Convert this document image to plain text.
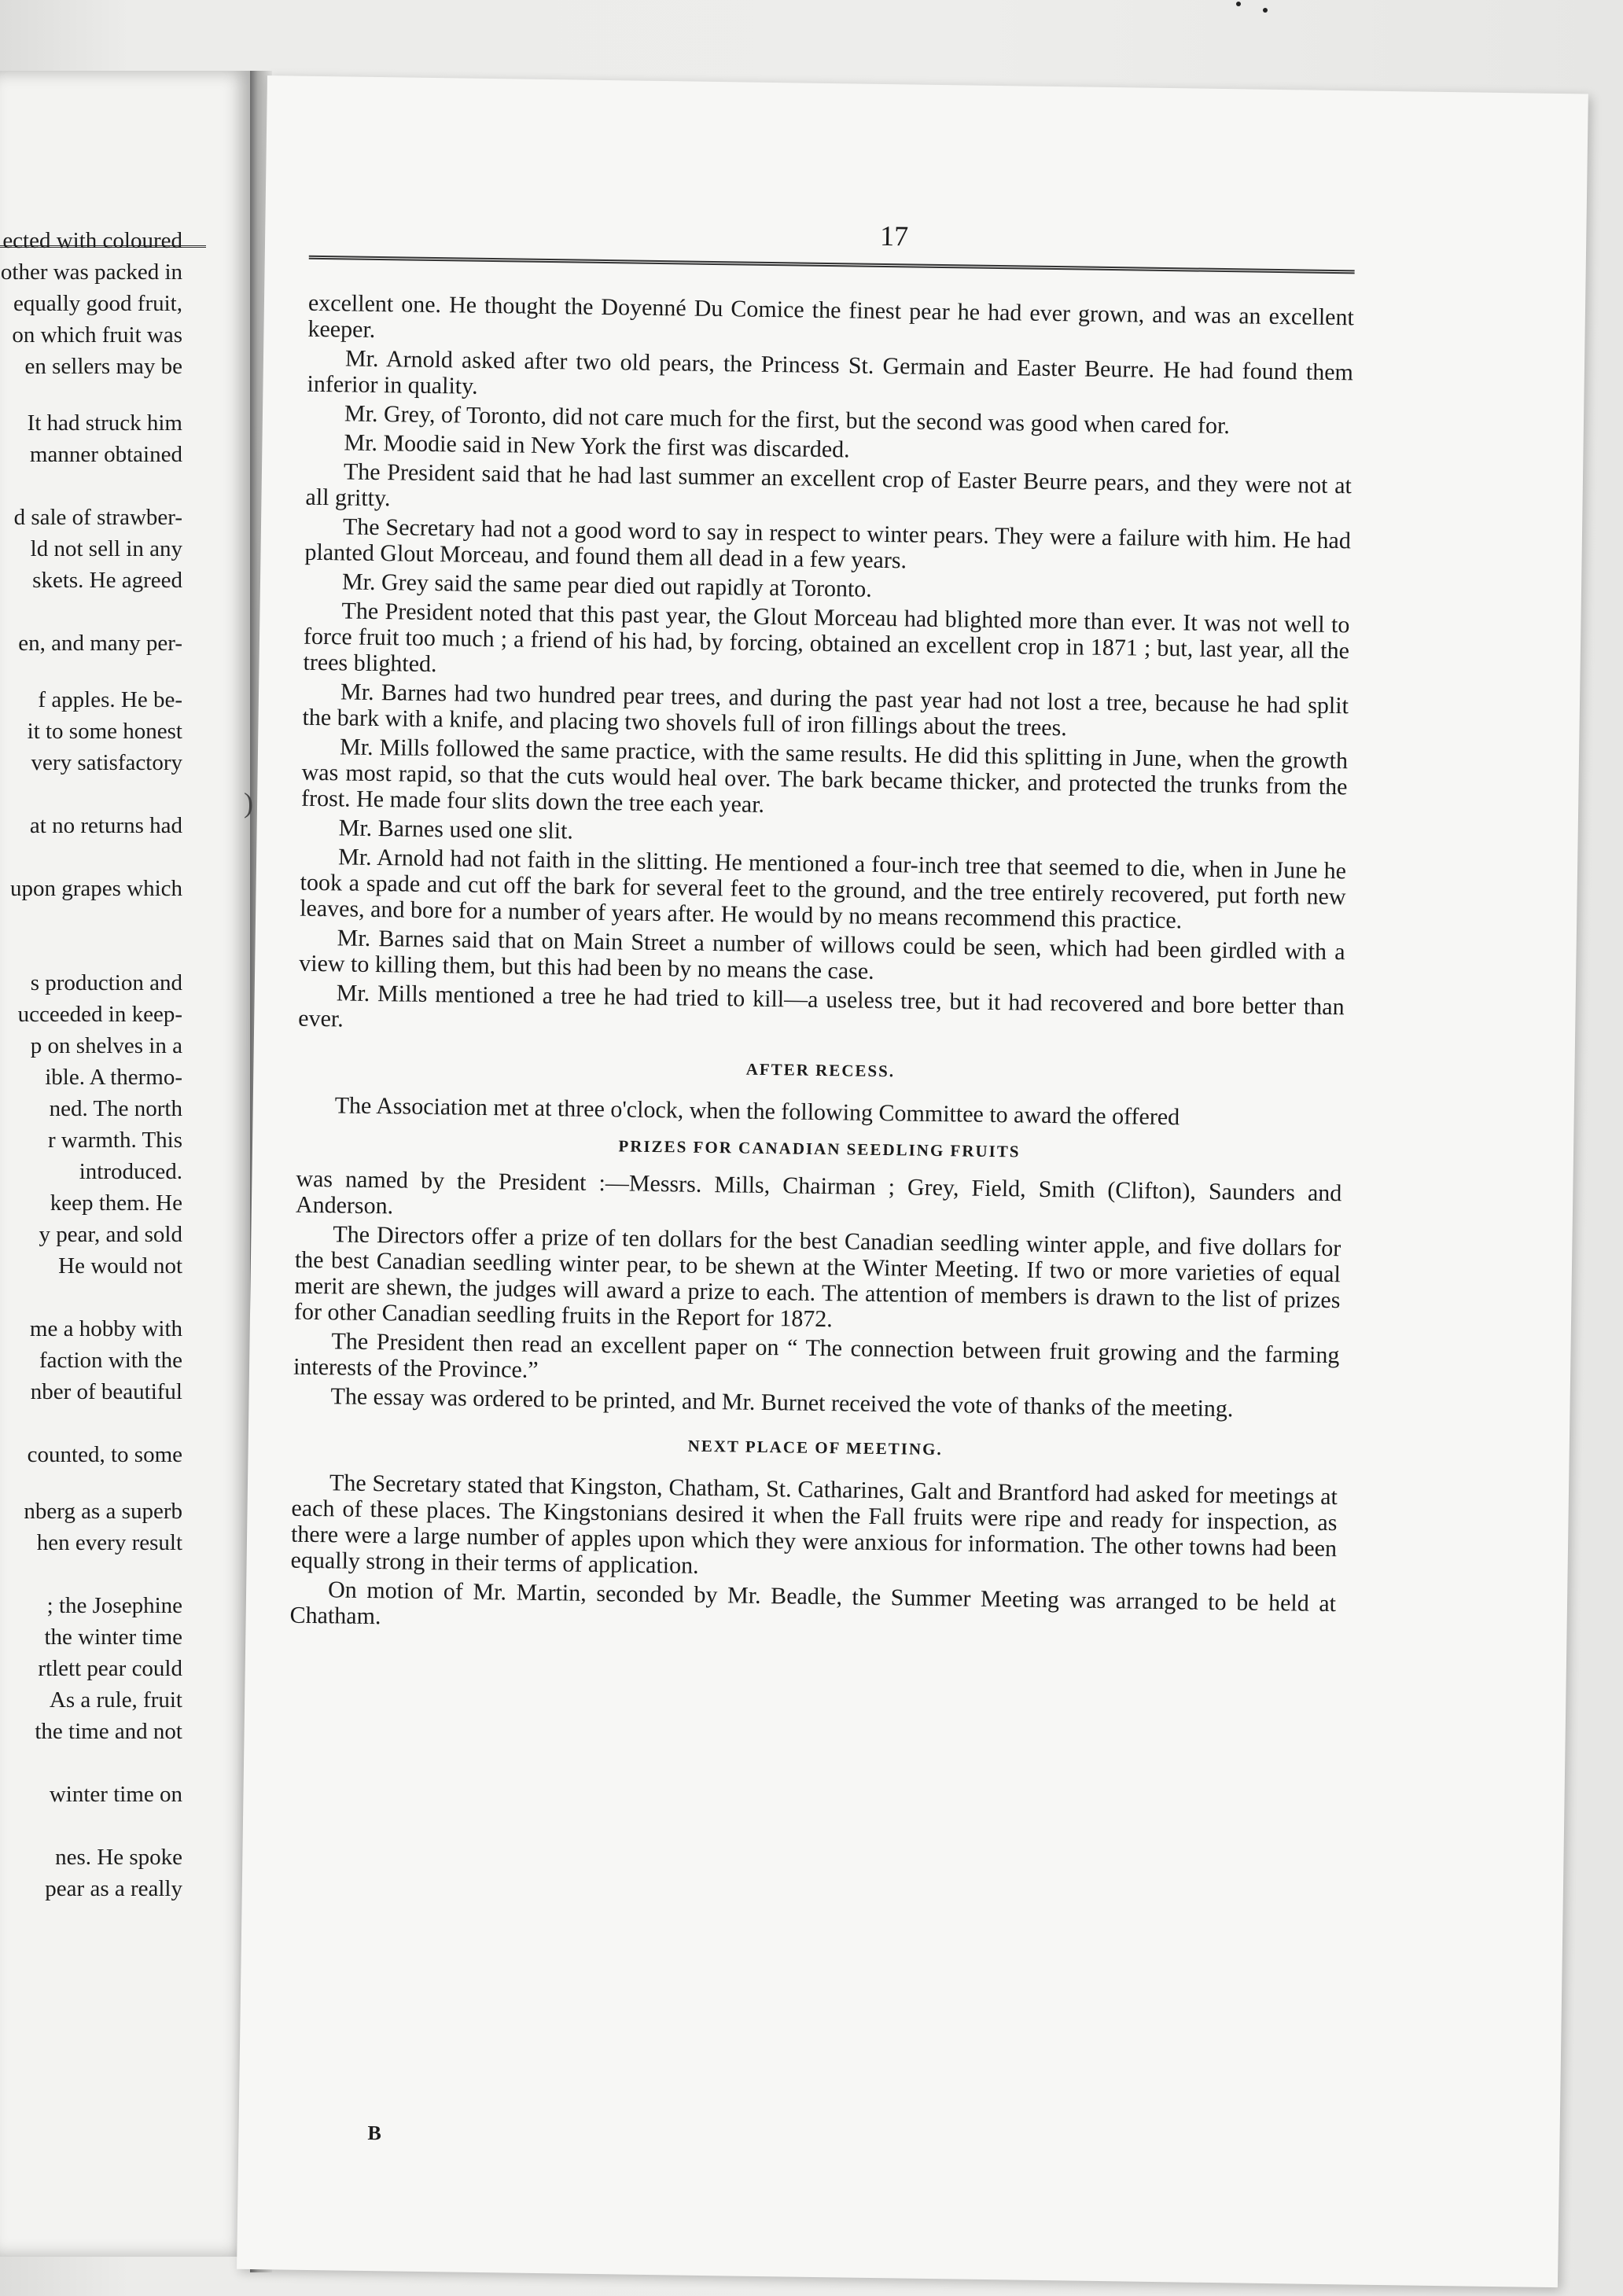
ected with coloured
other was packed in
equally good fruit,
on which fruit was
en sellers may be
It had struck him
manner obtained
d sale of strawber-
ld not sell in any
skets. He agreed
en, and many per-
f apples. He be-
it to some honest
very satisfactory
at no returns had
upon grapes which
s production and
ucceeded in keep-
p on shelves in a
ible. A thermo-
ned. The north
r warmth. This
introduced.
keep them. He
y pear, and sold
He would not
me a hobby with
faction with the
nber of beautiful
counted, to some
nberg as a superb
hen every result
; the Josephine
the winter time
rtlett pear could
As a rule, fruit
the time and not
winter time on
nes. He spoke
pear as a really
)
17

excellent one. He thought the Doyenné Du Comice the finest pear he had ever grown, and was an excellent keeper.

Mr. Arnold asked after two old pears, the Princess St. Germain and Easter Beurre. He had found them inferior in quality.

Mr. Grey, of Toronto, did not care much for the first, but the second was good when cared for.

Mr. Moodie said in New York the first was discarded.

The President said that he had last summer an excellent crop of Easter Beurre pears, and they were not at all gritty.

The Secretary had not a good word to say in respect to winter pears. They were a failure with him. He had planted Glout Morceau, and found them all dead in a few years.

Mr. Grey said the same pear died out rapidly at Toronto.

The President noted that this past year, the Glout Morceau had blighted more than ever. It was not well to force fruit too much ; a friend of his had, by forcing, obtained an excellent crop in 1871 ; but, last year, all the trees blighted.

Mr. Barnes had two hundred pear trees, and during the past year had not lost a tree, because he had split the bark with a knife, and placing two shovels full of iron fillings about the trees.

Mr. Mills followed the same practice, with the same results. He did this splitting in June, when the growth was most rapid, so that the cuts would heal over. The bark became thicker, and protected the trunks from the frost. He made four slits down the tree each year.

Mr. Barnes used one slit.

Mr. Arnold had not faith in the slitting. He mentioned a four-inch tree that seemed to die, when in June he took a spade and cut off the bark for several feet to the ground, and the tree entirely recovered, put forth new leaves, and bore for a number of years after. He would by no means recommend this practice.

Mr. Barnes said that on Main Street a number of willows could be seen, which had been girdled with a view to killing them, but this had been by no means the case.

Mr. Mills mentioned a tree he had tried to kill—a useless tree, but it had recovered and bore better than ever.

AFTER RECESS.

The Association met at three o'clock, when the following Committee to award the offered

PRIZES FOR CANADIAN SEEDLING FRUITS

was named by the President :—Messrs. Mills, Chairman ; Grey, Field, Smith (Clifton), Saunders and Anderson.

The Directors offer a prize of ten dollars for the best Canadian seedling winter apple, and five dollars for the best Canadian seedling winter pear, to be shewn at the Winter Meeting. If two or more varieties of equal merit are shewn, the judges will award a prize to each. The attention of members is drawn to the list of prizes for other Canadian seedling fruits in the Report for 1872.

The President then read an excellent paper on “ The connection between fruit growing and the farming interests of the Province.”

The essay was ordered to be printed, and Mr. Burnet received the vote of thanks of the meeting.

NEXT PLACE OF MEETING.

The Secretary stated that Kingston, Chatham, St. Catharines, Galt and Brantford had asked for meetings at each of these places. The Kingstonians desired it when the Fall fruits were ripe and ready for inspection, as there were a large number of apples upon which they were anxious for information. The other towns had been equally strong in their terms of application.

On motion of Mr. Martin, seconded by Mr. Beadle, the Summer Meeting was arranged to be held at Chatham.

B
